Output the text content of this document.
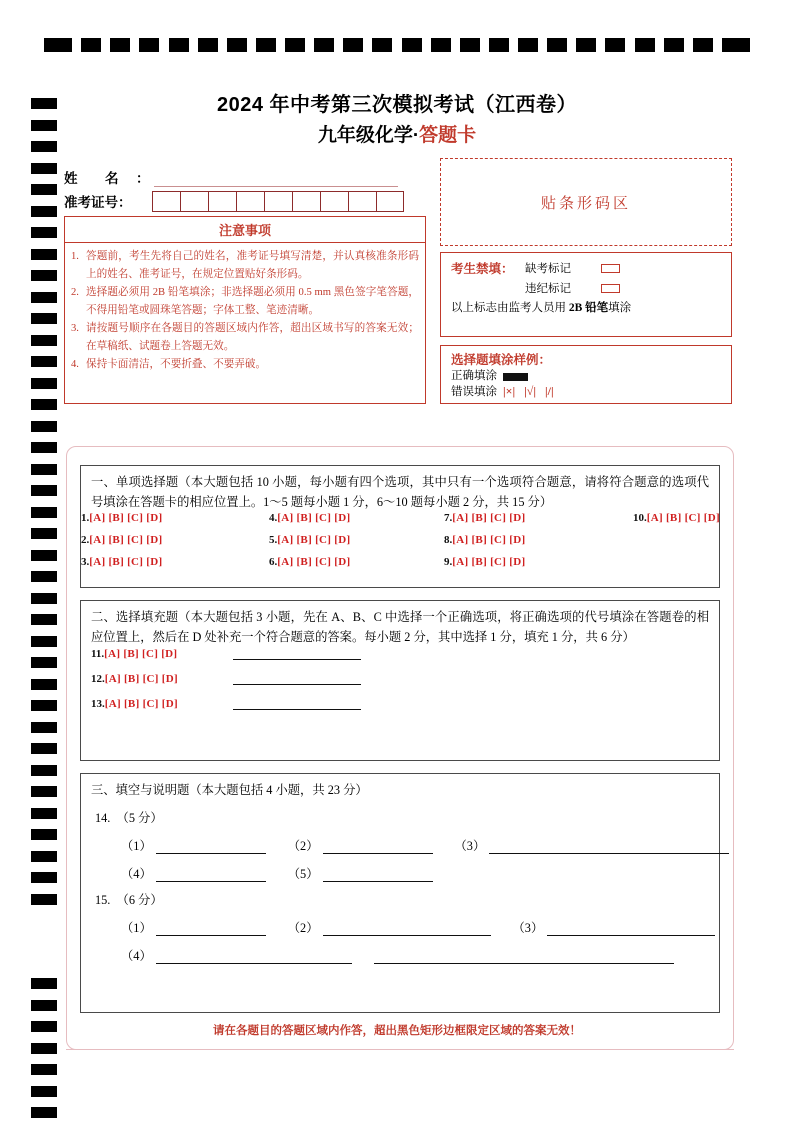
2024 年中考第三次模拟考试（江西卷）
九年级化学·答题卡
姓　名 ：
准考证号：	贴条形码区
注意事项
1. 答题前，考生先将自己的姓名，准考证号填写清楚，并认真核准条形码上的姓名、准考证号，在规定位置贴好条形码。
2. 选择题必须用 2B 铅笔填涂；非选择题必须用 0.5 mm 黑色签字笔答题，不得用铅笔或圆珠笔答题；字体工整、笔迹清晰。
3. 请按题号顺序在各题目的答题区域内作答，超出区域书写的答案无效；在草稿纸、试题卷上答题无效。
4. 保持卡面清洁，不要折叠、不要弄破。
考生禁填： 缺考标记
违纪标记
以上标志由监考人员用 2B 铅笔填涂
选择题填涂样例：
正确填涂
错误填涂 |×| |√| |/|
一、单项选择题（本大题包括 10 小题，每小题有四个选项，其中只有一个选项符合题意，请将符合题意的选项代号填涂在答题卡的相应位置上。1～5 题每小题 1 分，6～10 题每小题 2 分，共 15 分）
1.[A] [B] [C] [D]
2.[A] [B] [C] [D]
3.[A] [B] [C] [D]
4.[A] [B] [C] [D]
5.[A] [B] [C] [D]
6.[A] [B] [C] [D]
7.[A] [B] [C] [D]
8.[A] [B] [C] [D]
9.[A] [B] [C] [D]
10.[A] [B] [C] [D]
二、选择填充题（本大题包括 3 小题，先在 A、B、C 中选择一个正确选项，将正确选项的代号填涂在答题卷的相应位置上，然后在 D 处补充一个符合题意的答案。每小题 2 分，其中选择 1 分，填充 1 分，共 6 分）
11.[A] [B] [C] [D]
12.[A] [B] [C] [D]
13.[A] [B] [C] [D]
三、填空与说明题（本大题包括 4 小题，共 23 分）
14.　（5 分）
（1）	（2）	（3）
（4）	（5）
15.　（6 分）
（1）	（2）	（3）
（4）
请在各题目的答题区域内作答，超出黑色矩形边框限定区域的答案无效！
